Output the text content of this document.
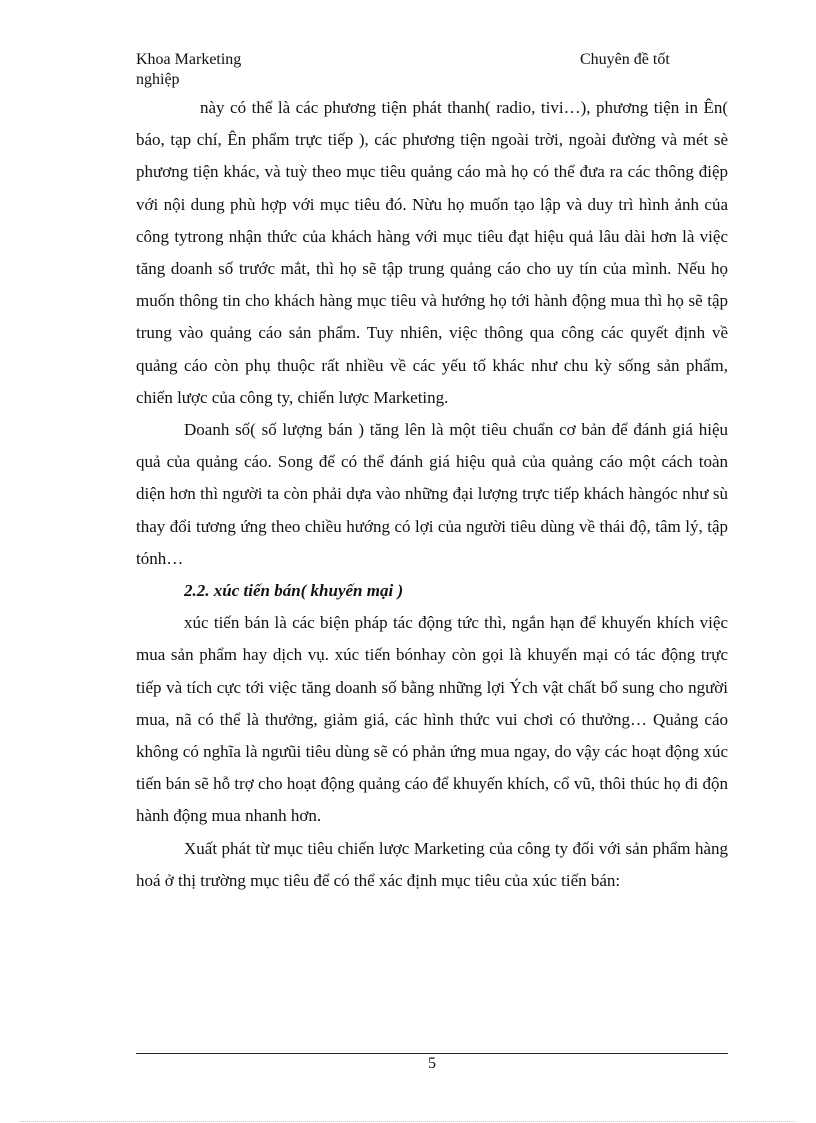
Khoa Marketing	Chuyên đề tốt
nghiệp

này có thể là các phương tiện phát thanh( radio, tivi…), phương tiện in Ên( báo, tạp chí, Ên phẩm trực tiếp ), các phương tiện ngoài trời, ngoài đường và mét sè phương tiện khác, và tuỳ theo mục tiêu quảng cáo mà họ có thể đưa ra các thông điệp với nội dung phù hợp với mục tiêu đó. Nừu họ muốn tạo lập và duy trì hình ảnh của công tytrong nhận thức của khách hàng với mục tiêu đạt hiệu quả lâu dài hơn là việc tăng doanh số trước mắt, thì họ sẽ tập trung quảng cáo cho uy tín của mình. Nếu họ muốn thông tin cho khách hàng mục tiêu và hướng họ tới hành động mua thì họ sẽ tập trung vào quảng cáo sản phẩm. Tuy nhiên, việc thông qua công các quyết định về quảng cáo còn phụ thuộc rất nhiều về các yếu tố khác như chu kỳ sống sản phẩm, chiến lược của công ty, chiến lược Marketing.

Doanh số( số lượng bán ) tăng lên là một tiêu chuẩn cơ bản để đánh giá hiệu quả của quảng cáo. Song để có thể đánh giá hiệu quả của quảng cáo một cách toàn diện hơn thì người ta còn phải dựa vào những đại lượng trực tiếp khách hàngóc như sù thay đổi tương ứng theo chiều hướng có lợi của người tiêu dùng về thái độ, tâm lý, tập tónh…

2.2. xúc tiến bán( khuyến mại )

xúc tiến bán là các biện pháp tác động tức thì, ngắn hạn để khuyến khích việc mua sản phẩm hay dịch vụ. xúc tiến bónhay còn gọi là khuyến mại có tác động trực tiếp và tích cực tới việc tăng doanh số bằng những lợi Ých vật chất bổ sung cho người mua, nã có thể là thưởng, giảm giá, các hình thức vui chơi có thưởng… Quảng cáo không có nghĩa là ngưũi tiêu dùng sẽ có phản ứng mua ngay, do vậy các hoạt động xúc tiến bán sẽ hỗ trợ cho hoạt động quảng cáo để khuyến khích, cổ vũ, thôi thúc họ đi độn hành động mua nhanh hơn.

Xuất phát từ mục tiêu chiến lược Marketing của công ty đối với sản phẩm hàng hoá ở thị trường mục tiêu để có thể xác định mục tiêu của xúc tiến bán:

5
